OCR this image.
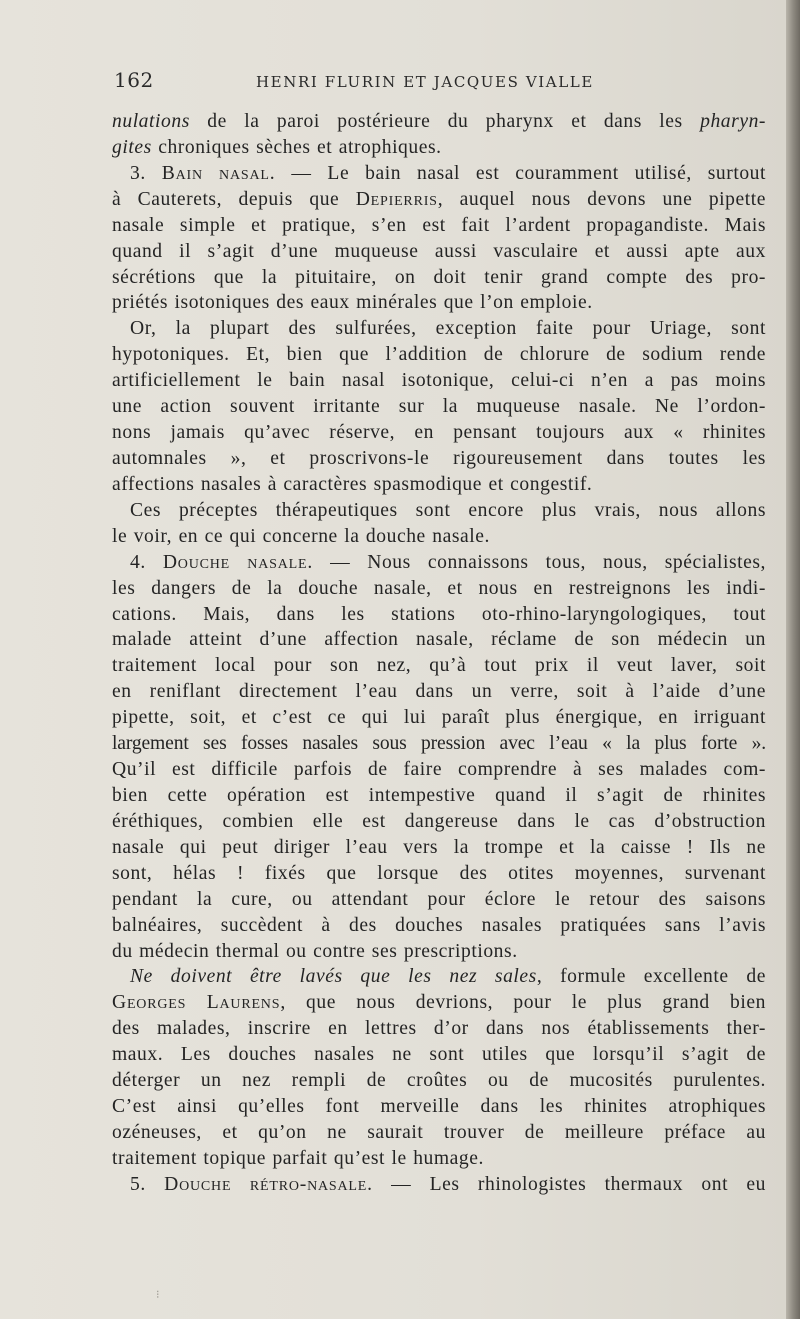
162	HENRI FLURIN ET JACQUES VIALLE
nulations de la paroi postérieure du pharynx et dans les pharyn-
gites chroniques sèches et atrophiques.
3. Bain nasal. — Le bain nasal est couramment utilisé, surtout
à Cauterets, depuis que Depierris, auquel nous devons une pipette
nasale simple et pratique, s’en est fait l’ardent propagandiste. Mais
quand il s’agit d’une muqueuse aussi vasculaire et aussi apte aux
sécrétions que la pituitaire, on doit tenir grand compte des pro-
priétés isotoniques des eaux minérales que l’on emploie.
Or, la plupart des sulfurées, exception faite pour Uriage, sont
hypotoniques. Et, bien que l’addition de chlorure de sodium rende
artificiellement le bain nasal isotonique, celui-ci n’en a pas moins
une action souvent irritante sur la muqueuse nasale. Ne l’ordon-
nons jamais qu’avec réserve, en pensant toujours aux « rhinites
automnales », et proscrivons-le rigoureusement dans toutes les
affections nasales à caractères spasmodique et congestif.
Ces préceptes thérapeutiques sont encore plus vrais, nous allons
le voir, en ce qui concerne la douche nasale.
4. Douche nasale. — Nous connaissons tous, nous, spécialistes,
les dangers de la douche nasale, et nous en restreignons les indi-
cations. Mais, dans les stations oto-rhino-laryngologiques, tout
malade atteint d’une affection nasale, réclame de son médecin un
traitement local pour son nez, qu’à tout prix il veut laver, soit
en reniflant directement l’eau dans un verre, soit à l’aide d’une
pipette, soit, et c’est ce qui lui paraît plus énergique, en irriguant
largement ses fosses nasales sous pression avec l’eau « la plus forte ».
Qu’il est difficile parfois de faire comprendre à ses malades com-
bien cette opération est intempestive quand il s’agit de rhinites
éréthiques, combien elle est dangereuse dans le cas d’obstruction
nasale qui peut diriger l’eau vers la trompe et la caisse ! Ils ne
sont, hélas ! fixés que lorsque des otites moyennes, survenant
pendant la cure, ou attendant pour éclore le retour des saisons
balnéaires, succèdent à des douches nasales pratiquées sans l’avis
du médecin thermal ou contre ses prescriptions.
Ne doivent être lavés que les nez sales, formule excellente de
Georges Laurens, que nous devrions, pour le plus grand bien
des malades, inscrire en lettres d’or dans nos établissements ther-
maux. Les douches nasales ne sont utiles que lorsqu’il s’agit de
déterger un nez rempli de croûtes ou de mucosités purulentes.
C’est ainsi qu’elles font merveille dans les rhinites atrophiques
ozéneuses, et qu’on ne saurait trouver de meilleure préface au
traitement topique parfait qu’est le humage.
5. Douche rétro-nasale. — Les rhinologistes thermaux ont eu
⁝
